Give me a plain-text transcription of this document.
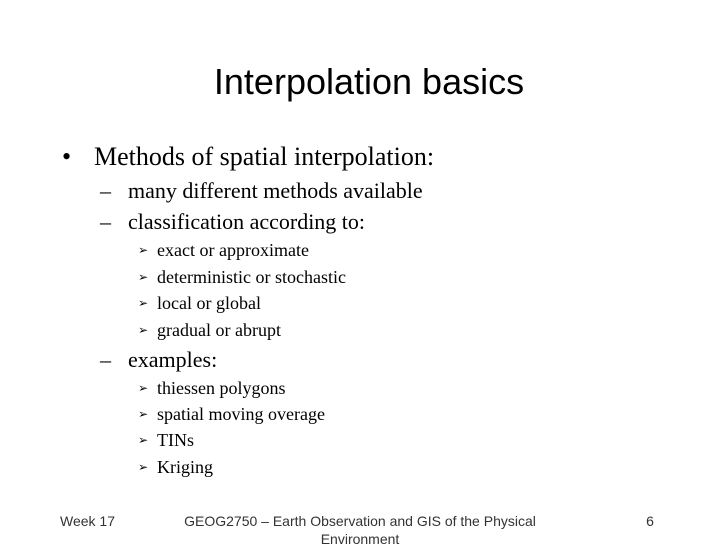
Interpolation basics
• Methods of spatial interpolation:
– many different methods available
– classification according to:
➢ exact or approximate
➢ deterministic or stochastic
➢ local or global
➢ gradual or abrupt
– examples:
➢ thiessen polygons
➢ spatial moving overage
➢ TINs
➢ Kriging
Week 17	GEOG2750 – Earth Observation and GIS of the Physical Environment
6
